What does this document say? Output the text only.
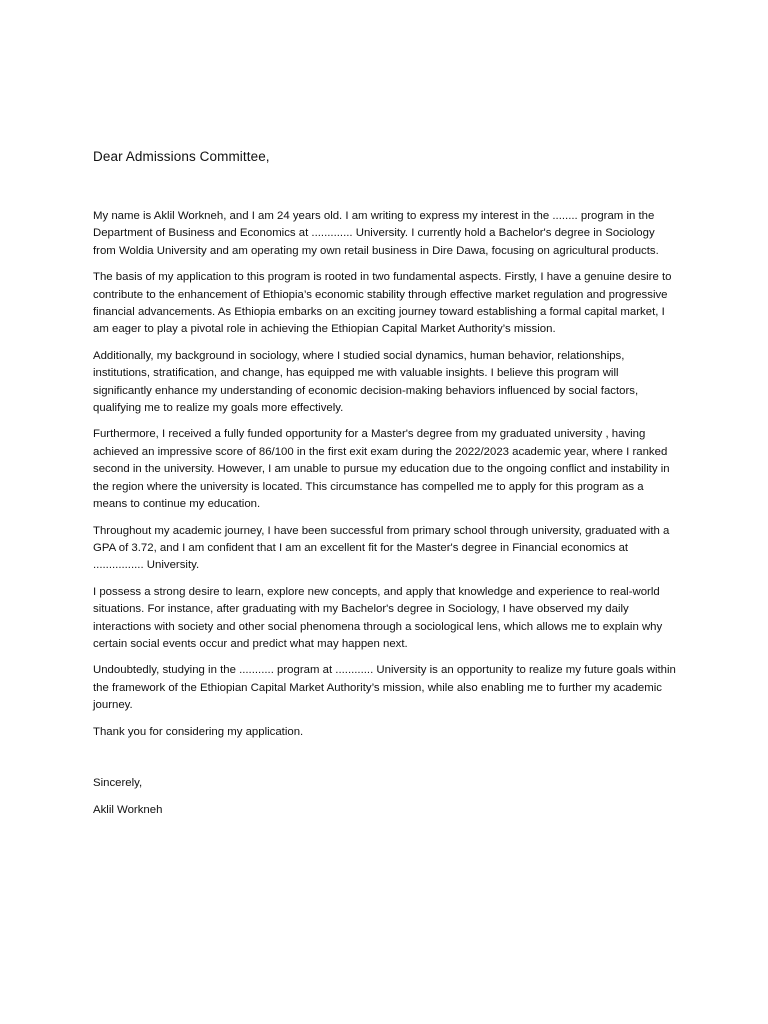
Dear Admissions Committee,

My name is Aklil Workneh, and I am 24 years old. I am writing to express my interest in the ........ program in the Department of Business and Economics at ............. University. I currently hold a Bachelor's degree in Sociology from Woldia University and am operating my own retail business in Dire Dawa, focusing on agricultural products.

The basis of my application to this program is rooted in two fundamental aspects. Firstly, I have a genuine desire to contribute to the enhancement of Ethiopia’s economic stability through effective market regulation and progressive financial advancements. As Ethiopia embarks on an exciting journey toward establishing a formal capital market, I am eager to play a pivotal role in achieving the Ethiopian Capital Market Authority’s mission.

Additionally, my background in sociology, where I studied social dynamics, human behavior, relationships, institutions, stratification, and change, has equipped me with valuable insights. I believe this program will significantly enhance my understanding of economic decision-making behaviors influenced by social factors, qualifying me to realize my goals more effectively.

Furthermore, I received a fully funded opportunity for a Master's degree from my graduated university , having achieved an impressive score of 86/100 in the first exit exam during the 2022/2023 academic year, where I ranked second in the university. However, I am unable to pursue my education due to the ongoing conflict and instability in the region where the university is located. This circumstance has compelled me to apply for this program as a means to continue my education.

Throughout my academic journey, I have been successful from primary school through university, graduated with a GPA of 3.72, and I am confident that I am an excellent fit for the Master's degree in Financial economics at ................ University.

I possess a strong desire to learn, explore new concepts, and apply that knowledge and experience to real-world situations. For instance, after graduating with my Bachelor's degree in Sociology, I have observed my daily interactions with society and other social phenomena through a sociological lens, which allows me to explain why certain social events occur and predict what may happen next.

Undoubtedly, studying in the ........... program at ............ University is an opportunity to realize my future goals within the framework of the Ethiopian Capital Market Authority’s mission, while also enabling me to further my academic journey.

Thank you for considering my application.

Sincerely,

Aklil Workneh
